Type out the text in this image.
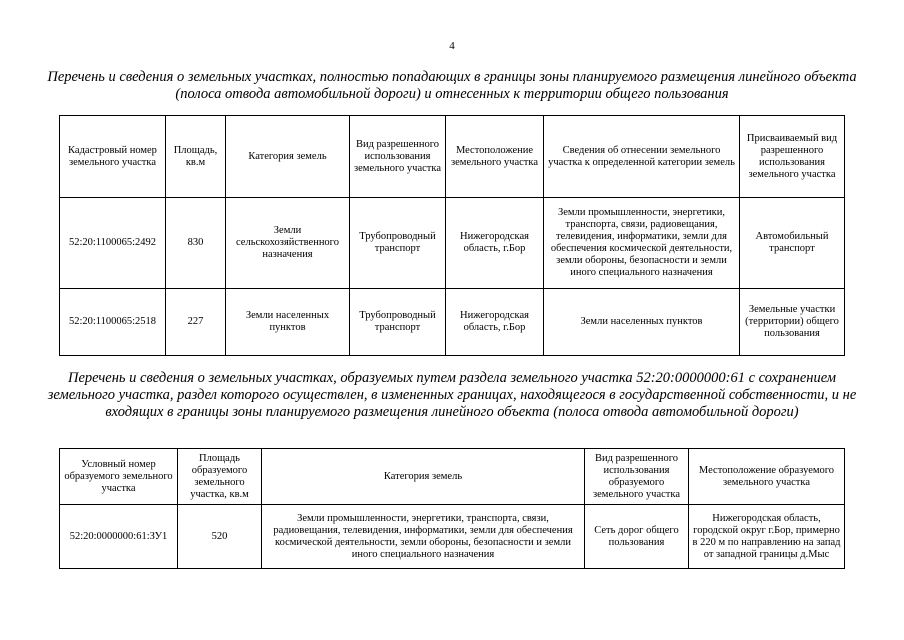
4

Перечень и сведения о земельных участках, полностью попадающих в границы зоны планируемого размещения линейного объекта (полоса отвода автомобильной дороги) и отнесенных к территории общего пользования

Кадастровый номер земельного участка	Площадь, кв.м	Категория земель	Вид разрешенного использования земельного участка	Местоположение земельного участка	Сведения об отнесении земельного участка к определенной категории земель	Присваиваемый вид разрешенного использования земельного участка
52:20:1100065:2492	830	Земли сельскохозяйственного назначения	Трубопроводный транспорт	Нижегородская область, г.Бор	Земли промышленности, энергетики, транспорта, связи, радиовещания, телевидения, информатики, земли для обеспечения космической деятельности, земли обороны, безопасности и земли иного специального назначения	Автомобильный транспорт
52:20:1100065:2518	227	Земли населенных пунктов	Трубопроводный транспорт	Нижегородская область, г.Бор	Земли населенных пунктов	Земельные участки (территории) общего пользования

Перечень и сведения о земельных участках, образуемых путем раздела земельного участка 52:20:0000000:61 с сохранением земельного участка, раздел которого осуществлен, в измененных границах, находящегося в государственной собственности, и не входящих в границы зоны планируемого размещения линейного объекта (полоса отвода автомобильной дороги)

Условный номер образуемого земельного участка	Площадь образуемого земельного участка, кв.м	Категория земель	Вид разрешенного использования образуемого земельного участка	Местоположение образуемого земельного участка
52:20:0000000:61:ЗУ1	520	Земли промышленности, энергетики, транспорта, связи, радиовещания, телевидения, информатики, земли для обеспечения космической деятельности, земли обороны, безопасности и земли иного специального назначения	Сеть дорог общего пользования	Нижегородская область, городской округ г.Бор, примерно в 220 м по направлению на запад от западной границы д.Мыс
